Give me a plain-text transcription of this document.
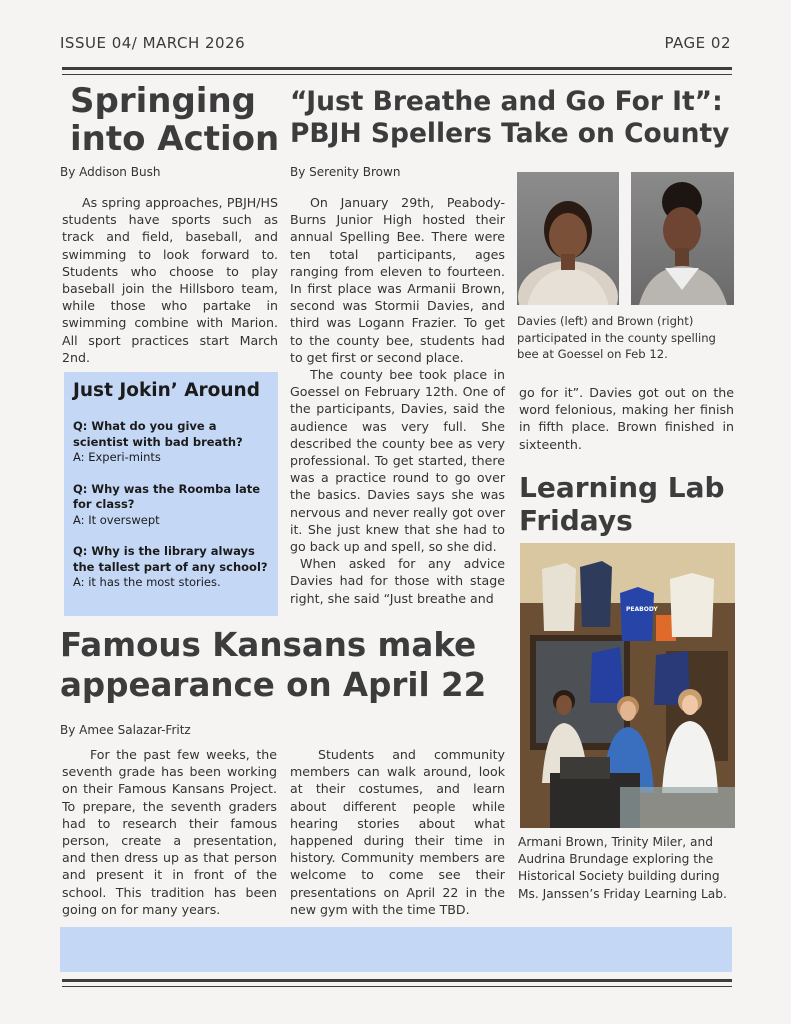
ISSUE 04/ MARCH 2026	PAGE 02
Springing into Action
By Addison Bush

As spring approaches, PBJH/HS students have sports such as track and field, baseball, and swimming to look forward to. Students who choose to play baseball join the Hillsboro team, while those who partake in swimming combine with Marion. All sport practices start March 2nd.

Just Jokin’ Around

Q: What do you give a scientist with bad breath?

A: Experi-mints

Q: Why was the Roomba late for class?

A: It overswept

Q: Why is the library always the tallest part of any school?

A: it has the most stories.

“Just Breathe and Go For It”: PBJH Spellers Take on County
By Serenity Brown

On January 29th, Peabody-Burns Junior High hosted their annual Spelling Bee. There were ten total participants, ages ranging from eleven to fourteen. In first place was Armanii Brown, second was Stormii Davies, and third was Logann Frazier. To get to the county bee, students had to get first or second place.

The county bee took place in Goessel on February 12th. One of the participants, Davies, said the audience was very full. She described the county bee as very professional. To get started, there was a practice round to go over the basics. Davies says she was nervous and never really got over it. She just knew that she had to go back up and spell, so she did.

When asked for any advice Davies had for those with stage right, she said “Just breathe and

Davies (left) and Brown (right) participated in the county spelling bee at Goessel on Feb 12.

go for it”. Davies got out on the word felonious, making her finish in fifth place. Brown finished in sixteenth.

Learning Lab Fridays
PEABODY
Armani Brown, Trinity Miler, and Audrina Brundage exploring the Historical Society building during Ms. Janssen’s Friday Learning Lab.
Famous Kansans make appearance on April 22
By Amee Salazar-Fritz

For the past few weeks, the seventh grade has been working on their Famous Kansans Project. To prepare, the seventh graders had to research their famous person, create a presentation, and then dress up as that person and present it in front of the school. This tradition has been going on for many years.

Students and community members can walk around, look at their costumes, and learn about different people while hearing stories about what happened during their time in history. Community members are welcome to come see their presentations on April 22 in the new gym with the time TBD.
